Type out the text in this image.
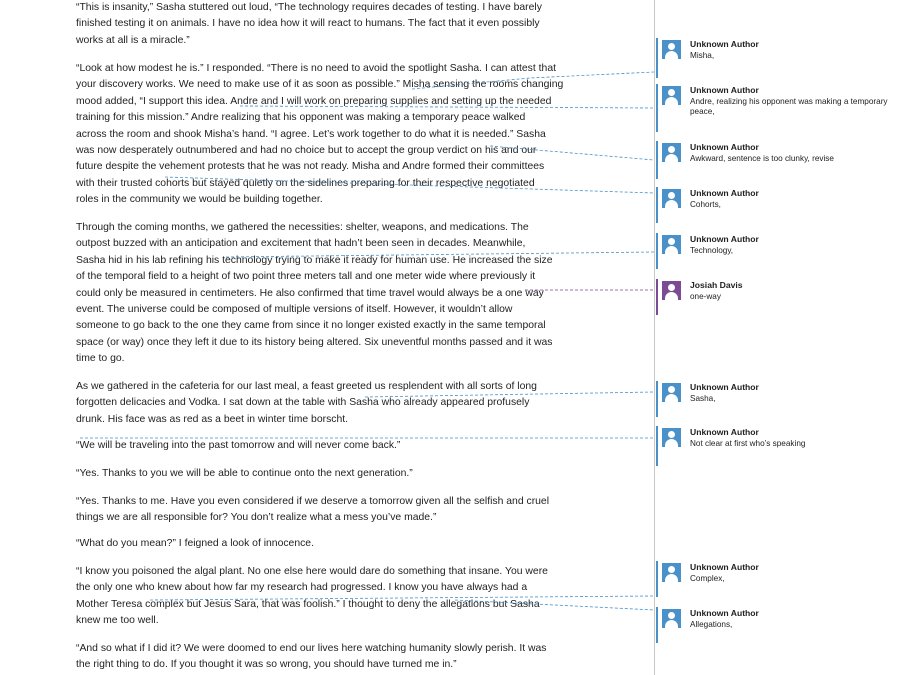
“This is insanity,” Sasha stuttered out loud, “The technology requires decades of testing. I have barely
finished testing it on animals. I have no idea how it will react to humans. The fact that it even possibly
works at all is a miracle.”

“Look at how modest he is.” I responded. “There is no need to avoid the spotlight Sasha. I can attest that
your discovery works. We need to make use of it as soon as possible.” Misha sensing the rooms changing
mood added, “I support this idea. Andre and I will work on preparing supplies and setting up the needed
training for this mission.” Andre realizing that his opponent was making a temporary peace walked
across the room and shook Misha’s hand. “I agree. Let’s work together to do what it is needed.” Sasha
was now desperately outnumbered and had no choice but to accept the group verdict on his and our
future despite the vehement protests that he was not ready. Misha and Andre formed their committees
with their trusted cohorts but stayed quietly on the sidelines preparing for their respective negotiated
roles in the community we would be building together.

Through the coming months, we gathered the necessities: shelter, weapons, and medications. The
outpost buzzed with an anticipation and excitement that hadn’t been seen in decades. Meanwhile,
Sasha hid in his lab refining his technology trying to make it ready for human use. He increased the size
of the temporal field to a height of two point three meters tall and one meter wide where previously it
could only be measured in centimeters. He also confirmed that time travel would always be a one way
event. The universe could be composed of multiple versions of itself. However, it wouldn’t allow
someone to go back to the one they came from since it no longer existed exactly in the same temporal
space (or way) once they left it due to its history being altered. Six uneventful months passed and it was
time to go.

As we gathered in the cafeteria for our last meal, a feast greeted us resplendent with all sorts of long
forgotten delicacies and Vodka. I sat down at the table with Sasha who already appeared profusely
drunk. His face was as red as a beet in winter time borscht.

“We will be traveling into the past tomorrow and will never come back.”

“Yes. Thanks to you we will be able to continue onto the next generation.”

“Yes. Thanks to me. Have you even considered if we deserve a tomorrow given all the selfish and cruel
things we are all responsible for? You don’t realize what a mess you’ve made.”

“What do you mean?” I feigned a look of innocence.

“I know you poisoned the algal plant. No one else here would dare do something that insane. You were
the only one who knew about how far my research had progressed. I know you have always had a
Mother Teresa complex but Jesus Sara, that was foolish.” I thought to deny the allegations but Sasha
knew me too well.

“And so what if I did it? We were doomed to end our lives here watching humanity slowly perish. It was
the right thing to do. If you thought it was so wrong, you should have turned me in.”

Unknown Author
Misha,
Unknown Author
Andre, realizing his opponent was making a temporary peace,
Unknown Author
Awkward, sentence is too clunky, revise
Unknown Author
Cohorts,
Unknown Author
Technology,
Josiah Davis
one-way
Unknown Author
Sasha,
Unknown Author
Not clear at first who’s speaking
Unknown Author
Complex,
Unknown Author
Allegations,
